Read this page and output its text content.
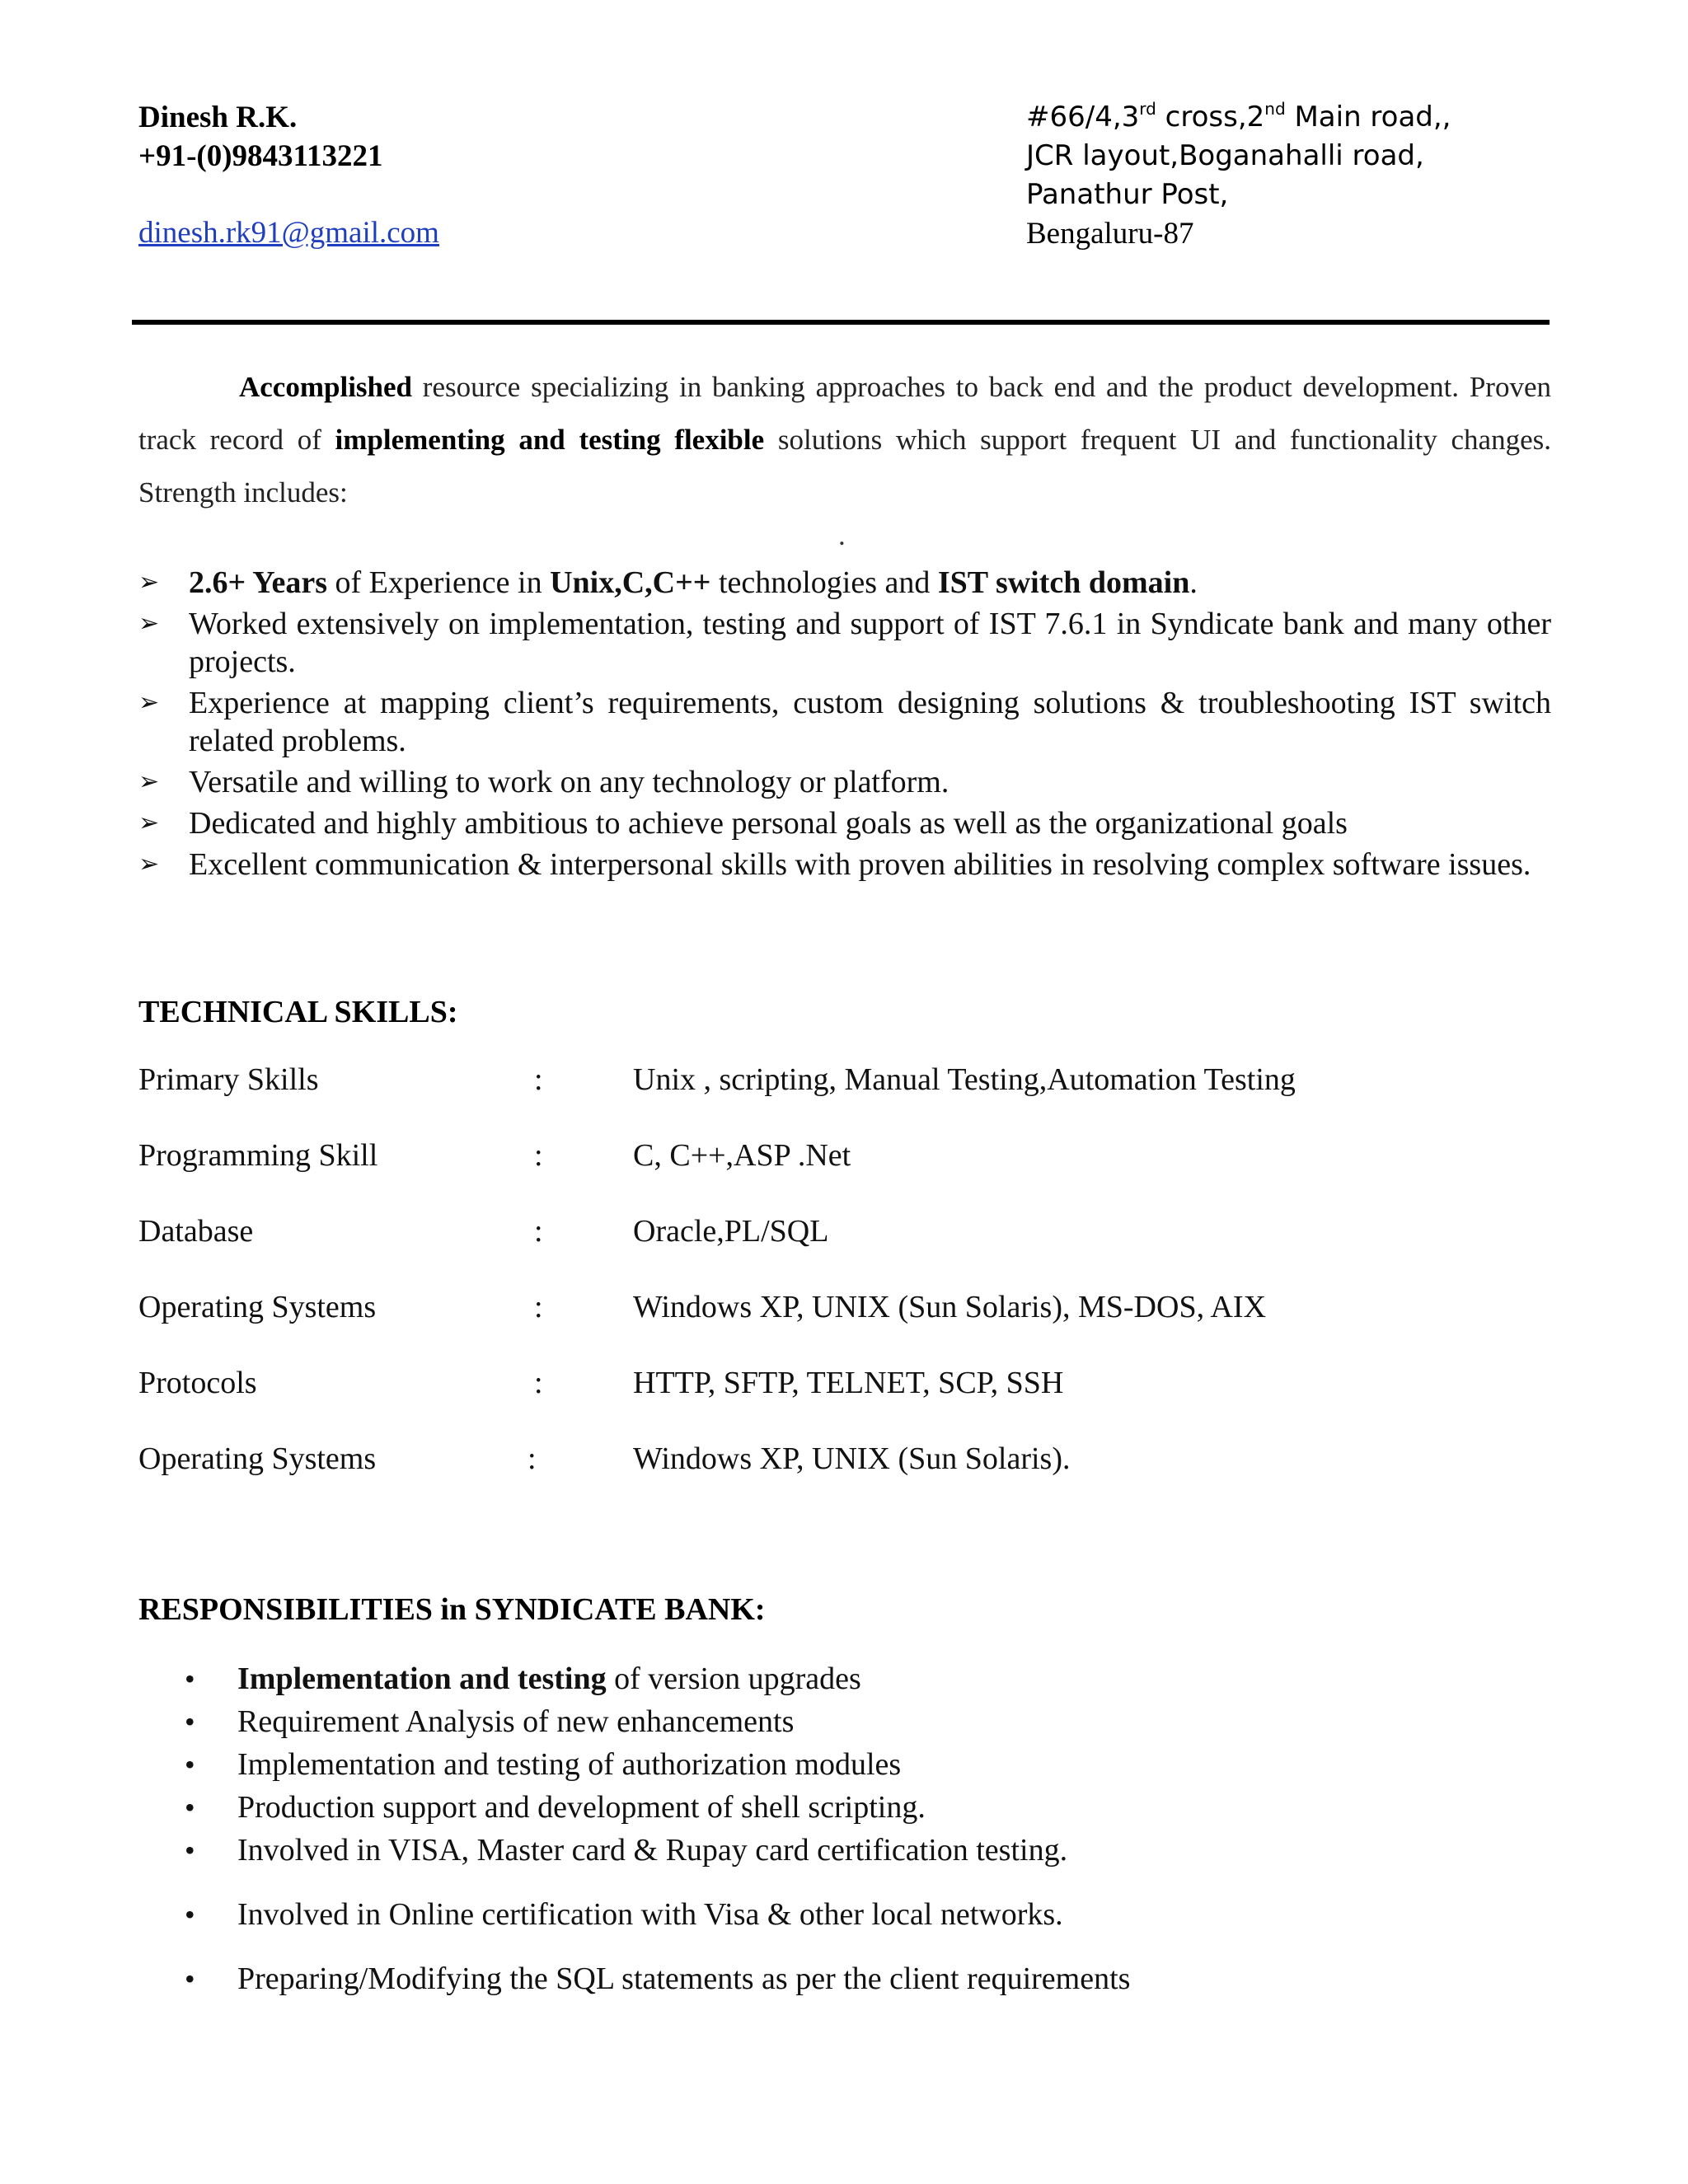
Dinesh R.K.
+91-(0)9843113221
dinesh.rk91@gmail.com
#66/4,3rd cross,2nd Main road,,
JCR layout,Boganahalli road,
Panathur Post,
Bengaluru-87
Accomplished resource specializing in banking approaches to back end and the product development. Proven track record of implementing and testing flexible solutions which support frequent UI and functionality changes. Strength includes:
.
➢ 2.6+ Years of Experience in Unix,C,C++ technologies and IST switch domain.
➢ Worked extensively on implementation, testing and support of IST 7.6.1 in Syndicate bank and many other projects.
➢ Experience at mapping client’s requirements, custom designing solutions & troubleshooting IST switch related problems.
➢ Versatile and willing to work on any technology or platform.
➢ Dedicated and highly ambitious to achieve personal goals as well as the organizational goals
➢ Excellent communication & interpersonal skills with proven abilities in resolving complex software issues.
TECHNICAL SKILLS:
Primary Skills	:	Unix , scripting, Manual Testing,Automation Testing
Programming Skill	:	C, C++,ASP .Net
Database	:	Oracle,PL/SQL
Operating Systems	:	Windows XP, UNIX (Sun Solaris), MS-DOS, AIX
Protocols	:	HTTP, SFTP, TELNET, SCP, SSH
Operating Systems	:	Windows XP, UNIX (Sun Solaris).
RESPONSIBILITIES in SYNDICATE BANK:
• Implementation and testing of version upgrades
• Requirement Analysis of new enhancements
• Implementation and testing of authorization modules
• Production support and development of shell scripting.
• Involved in VISA, Master card & Rupay card certification testing.
• Involved in Online certification with Visa & other local networks.
• Preparing/Modifying the SQL statements as per the client requirements
